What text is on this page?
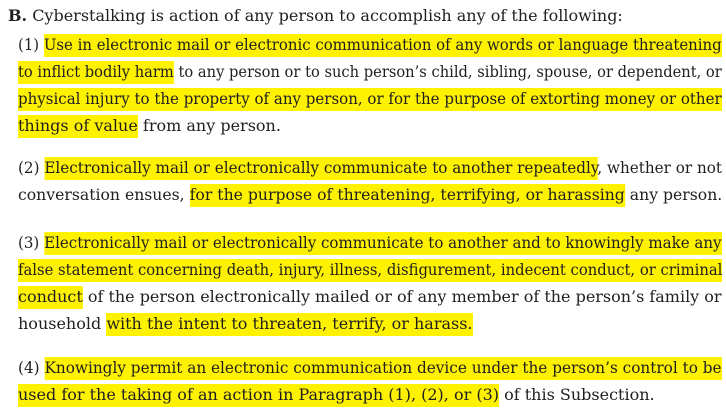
B. Cyberstalking is action of any person to accomplish any of the following:
(1) Use in electronic mail or electronic communication of any words or language threatening
to inflict bodily harm to any person or to such person’s child, sibling, spouse, or dependent, or
physical injury to the property of any person, or for the purpose of extorting money or other
things of value from any person.
(2) Electronically mail or electronically communicate to another repeatedly, whether or not
conversation ensues, for the purpose of threatening, terrifying, or harassing any person.
(3) Electronically mail or electronically communicate to another and to knowingly make any
false statement concerning death, injury, illness, disfigurement, indecent conduct, or criminal
conduct of the person electronically mailed or of any member of the person’s family or
household with the intent to threaten, terrify, or harass.
(4) Knowingly permit an electronic communication device under the person’s control to be
used for the taking of an action in Paragraph (1), (2), or (3) of this Subsection.
